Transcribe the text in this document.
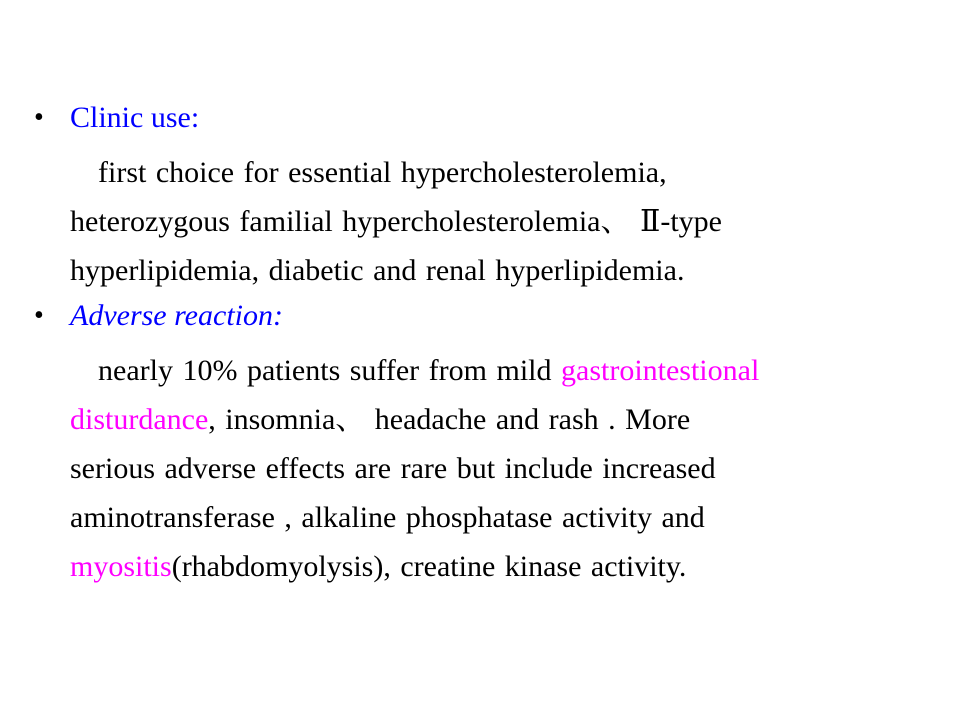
• Clinic use:
first choice for essential hypercholesterolemia,
heterozygous familial hypercholesterolemia、 Ⅱ-type
hyperlipidemia, diabetic and renal hyperlipidemia.
• Adverse reaction:
nearly 10% patients suffer from mild gastrointestional
disturdance, insomnia、 headache and rash . More
serious adverse effects are rare but include increased
aminotransferase , alkaline phosphatase activity and
myositis(rhabdomyolysis), creatine kinase activity.
